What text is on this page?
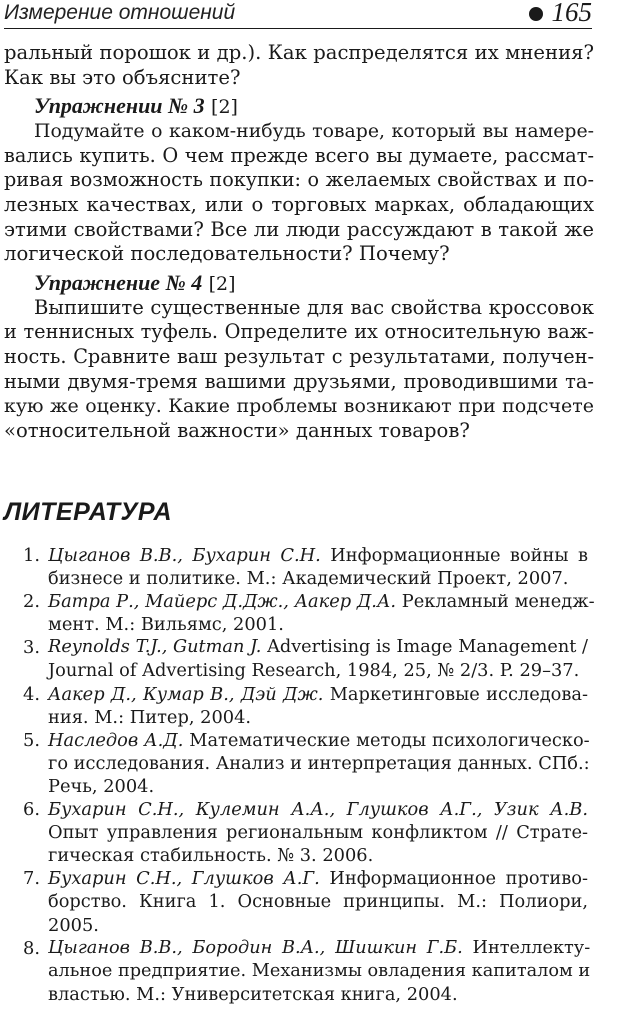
Измерение отношений	165
ральный порошок и др.). Как распределятся их мнения?
Как вы это объясните?
Упражнении № 3 [2]
Подумайте о каком-нибудь товаре, который вы намере-
вались купить. О чем прежде всего вы думаете, рассмат-
ривая возможность покупки: о желаемых свойствах и по-
лезных качествах, или о торговых марках, обладающих
этими свойствами? Все ли люди рассуждают в такой же
логической последовательности? Почему?
Упражнение № 4 [2]
Выпишите существенные для вас свойства кроссовок
и теннисных туфель. Определите их относительную важ-
ность. Сравните ваш результат с результатами, получен-
ными двумя-тремя вашими друзьями, проводившими та-
кую же оценку. Какие проблемы возникают при подсчете
«относительной важности» данных товаров?
ЛИТЕРАТУРА
1. Цыганов В.В., Бухарин С.Н. Информационные войны в
бизнесе и политике. М.: Академический Проект, 2007.
2. Батра Р., Майерс Д.Дж., Аакер Д.А. Рекламный менедж-
мент. М.: Вильямс, 2001.
3. Reynolds T.J., Gutman J. Advertising is Image Management /
Journal of Advertising Research, 1984, 25, № 2/3. P. 29–37.
4. Аакер Д., Кумар В., Дэй Дж. Маркетинговые исследова-
ния. М.: Питер, 2004.
5. Наследов А.Д. Математические методы психологическо-
го исследования. Анализ и интерпретация данных. СПб.:
Речь, 2004.
6. Бухарин С.Н., Кулемин А.А., Глушков А.Г., Узик А.В.
Опыт управления региональным конфликтом // Страте-
гическая стабильность. № 3. 2006.
7. Бухарин С.Н., Глушков А.Г. Информационное противо-
борство. Книга 1. Основные принципы. М.: Полиори,
2005.
8. Цыганов В.В., Бородин В.А., Шишкин Г.Б. Интеллекту-
альное предприятие. Механизмы овладения капиталом и
властью. М.: Университетская книга, 2004.
